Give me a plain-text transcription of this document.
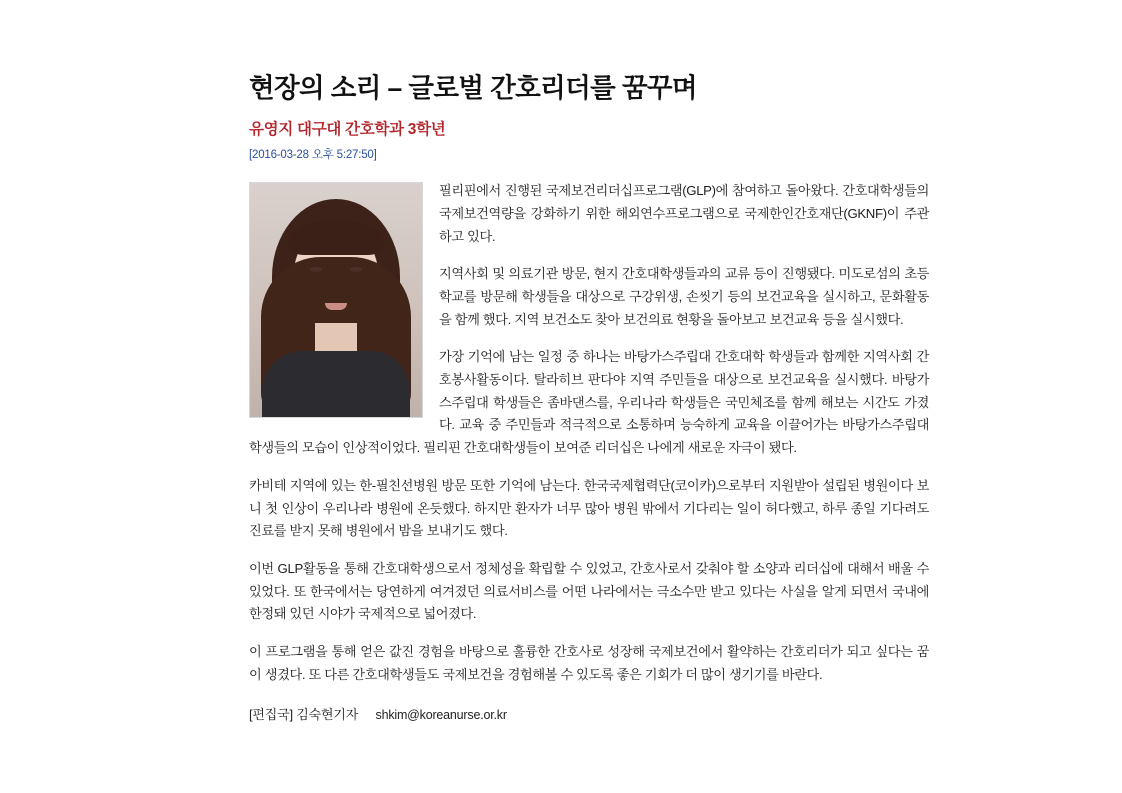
현장의 소리 – 글로벌 간호리더를 꿈꾸며
유영지 대구대 간호학과 3학년
[2016-03-28 오후 5:27:50]

필리핀에서 진행된 국제보건리더십프로그램(GLP)에 참여하고 돌아왔다. 간호대학생들의 국제보건역량을 강화하기 위한 해외연수프로그램으로 국제한인간호재단(GKNF)이 주관하고 있다.

지역사회 및 의료기관 방문, 현지 간호대학생들과의 교류 등이 진행됐다. 미도로섬의 초등학교를 방문해 학생들을 대상으로 구강위생, 손씻기 등의 보건교육을 실시하고, 문화활동을 함께 했다. 지역 보건소도 찾아 보건의료 현황을 돌아보고 보건교육 등을 실시했다.

가장 기억에 남는 일정 중 하나는 바탕가스주립대 간호대학 학생들과 함께한 지역사회 간호봉사활동이다. 탈라히브 판다야 지역 주민들을 대상으로 보건교육을 실시했다. 바탕가스주립대 학생들은 좀바댄스를, 우리나라 학생들은 국민체조를 함께 해보는 시간도 가졌다. 교육 중 주민들과 적극적으로 소통하며 능숙하게 교육을 이끌어가는 바탕가스주립대 학생들의 모습이 인상적이었다. 필리핀 간호대학생들이 보여준 리더십은 나에게 새로운 자극이 됐다.

카비테 지역에 있는 한-필친선병원 방문 또한 기억에 남는다. 한국국제협력단(코이카)으로부터 지원받아 설립된 병원이다 보니 첫 인상이 우리나라 병원에 온듯했다. 하지만 환자가 너무 많아 병원 밖에서 기다리는 일이 허다했고, 하루 종일 기다려도 진료를 받지 못해 병원에서 밤을 보내기도 했다.

이번 GLP활동을 통해 간호대학생으로서 정체성을 확립할 수 있었고, 간호사로서 갖춰야 할 소양과 리더십에 대해서 배울 수 있었다. 또 한국에서는 당연하게 여겨졌던 의료서비스를 어떤 나라에서는 극소수만 받고 있다는 사실을 알게 되면서 국내에 한정돼 있던 시야가 국제적으로 넓어졌다.

이 프로그램을 통해 얻은 값진 경험을 바탕으로 훌륭한 간호사로 성장해 국제보건에서 활약하는 간호리더가 되고 싶다는 꿈이 생겼다. 또 다른 간호대학생들도 국제보건을 경험해볼 수 있도록 좋은 기회가 더 많이 생기기를 바란다.

[편집국] 김숙현기자 shkim@koreanurse.or.kr
